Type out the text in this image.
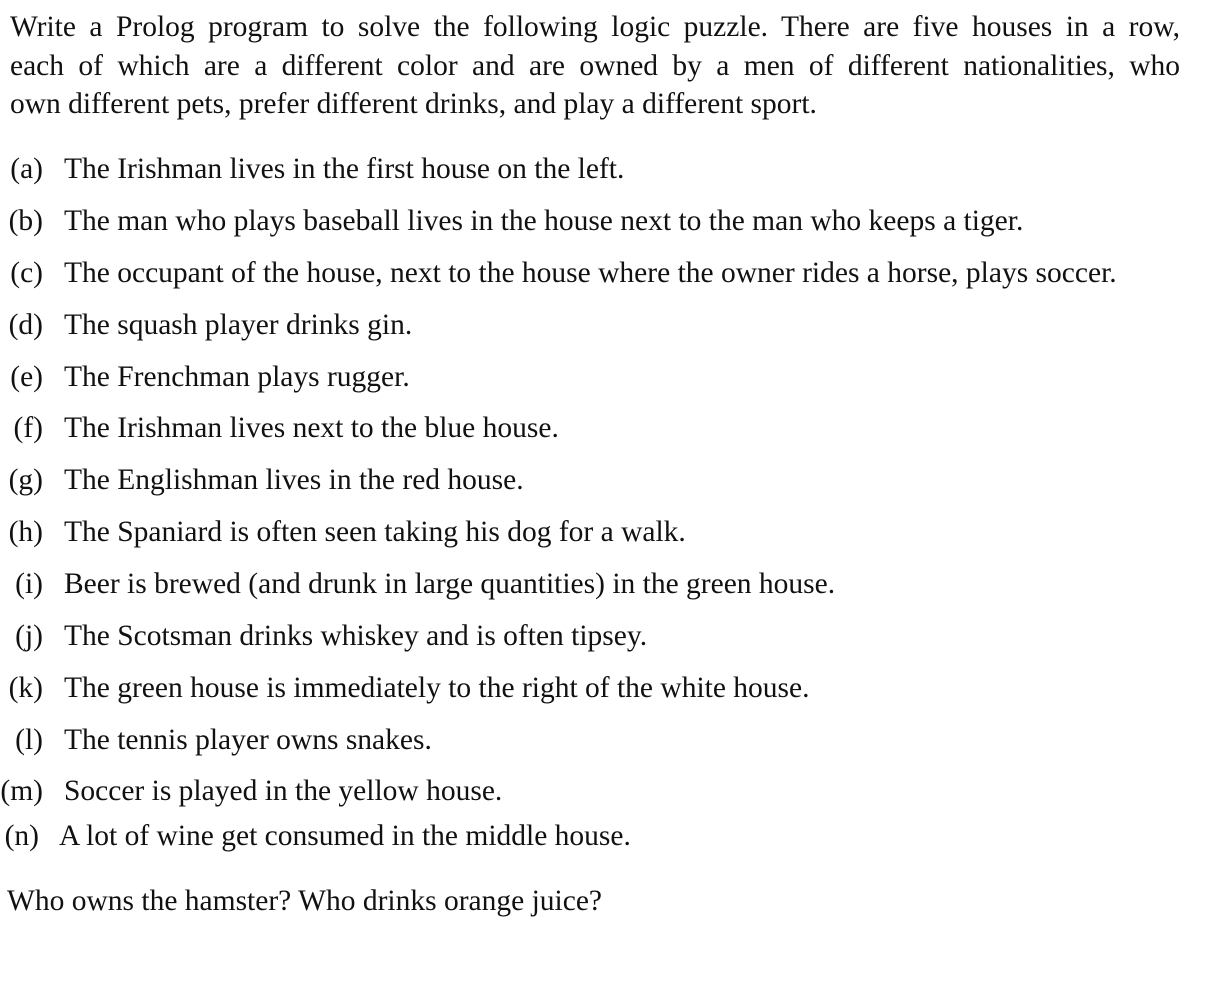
Write a Prolog program to solve the following logic puzzle. There are five houses in a row,
each of which are a different color and are owned by a men of different nationalities, who
own different pets, prefer different drinks, and play a different sport.
(a) The Irishman lives in the first house on the left.
(b) The man who plays baseball lives in the house next to the man who keeps a tiger.
(c) The occupant of the house, next to the house where the owner rides a horse, plays soccer.
(d) The squash player drinks gin.
(e) The Frenchman plays rugger.
(f) The Irishman lives next to the blue house.
(g) The Englishman lives in the red house.
(h) The Spaniard is often seen taking his dog for a walk.
(i) Beer is brewed (and drunk in large quantities) in the green house.
(j) The Scotsman drinks whiskey and is often tipsey.
(k) The green house is immediately to the right of the white house.
(l) The tennis player owns snakes.
(m) Soccer is played in the yellow house.
(n) A lot of wine get consumed in the middle house.
Who owns the hamster? Who drinks orange juice?
